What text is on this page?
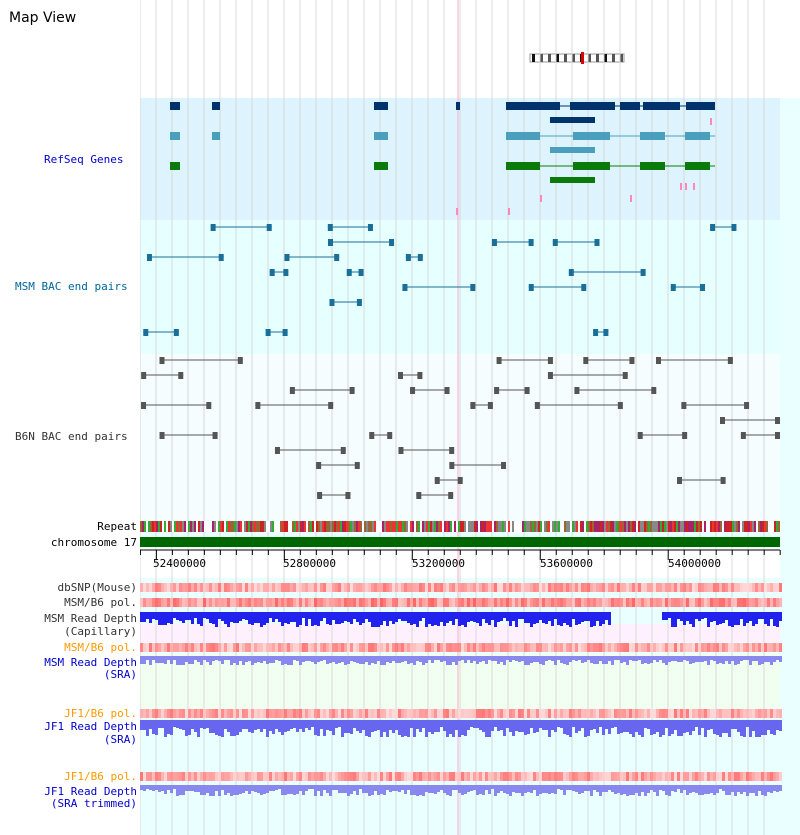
Map View

RefSeq Genes
MSM BAC end pairs
B6N BAC end pairs
Repeat
chromosome 17
dbSNP(Mouse)
MSM/B6 pol.
MSM Read Depth
(Capillary)
MSM/B6 pol.
MSM Read Depth
(SRA)
JF1/B6 pol.
JF1 Read Depth
(SRA)
JF1/B6 pol.
JF1 Read Depth
(SRA trimmed)
52400000	52800000	53200000	53600000	54000000
